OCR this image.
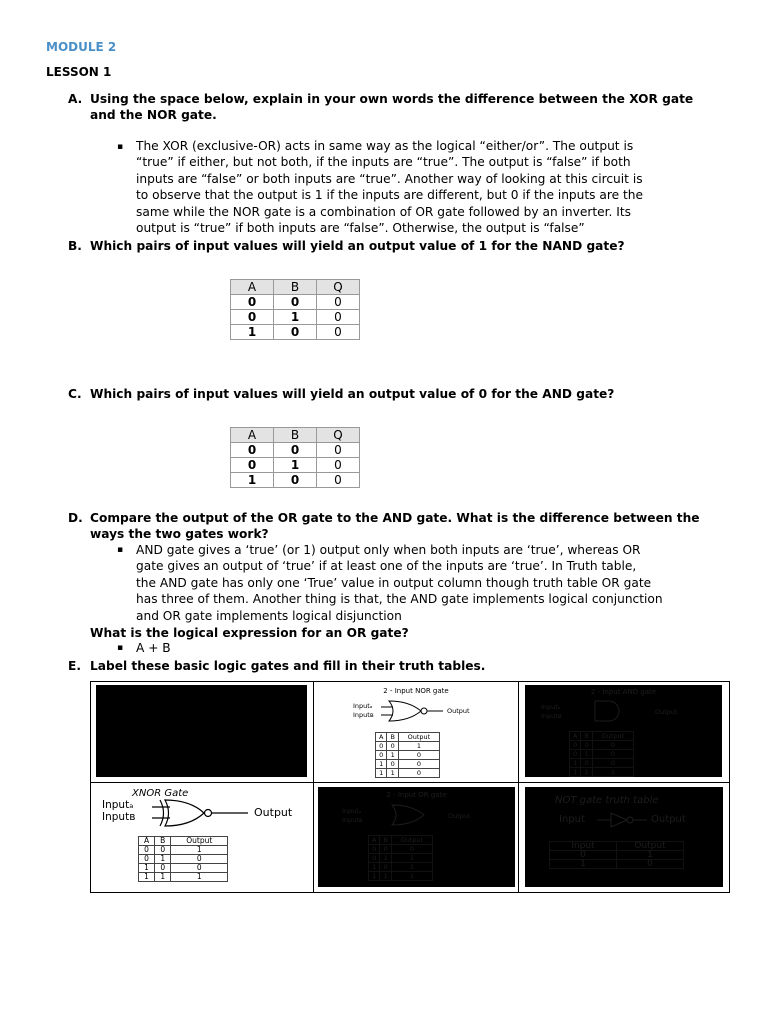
MODULE 2
LESSON 1
A. Using the space below, explain in your own words the difference between the XOR gate
and the NOR gate.
▪ The XOR (exclusive-OR) acts in same way as the logical “either/or”. The output is
“true” if either, but not both, if the inputs are “true”. The output is “false” if both
inputs are “false” or both inputs are “true”. Another way of looking at this circuit is
to observe that the output is 1 if the inputs are different, but 0 if the inputs are the
same while the NOR gate is a combination of OR gate followed by an inverter. Its
output is “true” if both inputs are “false”. Otherwise, the output is “false”
B. Which pairs of input values will yield an output value of 1 for the NAND gate?
A	B	Q
0	0	0
0	1	0
1	0	0
C. Which pairs of input values will yield an output value of 0 for the AND gate?
A	B	Q
0	0	0
0	1	0
1	0	0
D. Compare the output of the OR gate to the AND gate. What is the difference between the
ways the two gates work?
▪ AND gate gives a ‘true’ (or 1) output only when both inputs are ‘true’, whereas OR
gate gives an output of ‘true’ if at least one of the inputs are ‘true’. In Truth table,
the AND gate has only one ‘True’ value in output column though truth table OR gate
has three of them. Another thing is that, the AND gate implements logical conjunction
and OR gate implements logical disjunction
What is the logical expression for an OR gate?
▪ A + B
E. Label these basic logic gates and fill in their truth tables.
2 - Input NOR gate
Inputₐ
Inputʙ	Output
A	B	Output
0	0	1
0	1	0
1	0	0
1	1	0
2 - Input AND gate
Inputₐ
Inputʙ	Output
A	B	Output
0	0	0
0	1	0
1	0	0
1	1	1
XNOR Gate
Inputₐ
Inputʙ	Output
A	B	Output
0	0	1
0	1	0
1	0	0
1	1	1
2 - Input OR gate
Inputₐ
Inputʙ	Output
A	B	Output
0	0	0
0	1	1
1	0	1
1	1	1
NOT gate truth table
Input	Output
Input	Output
0	1
1	0
